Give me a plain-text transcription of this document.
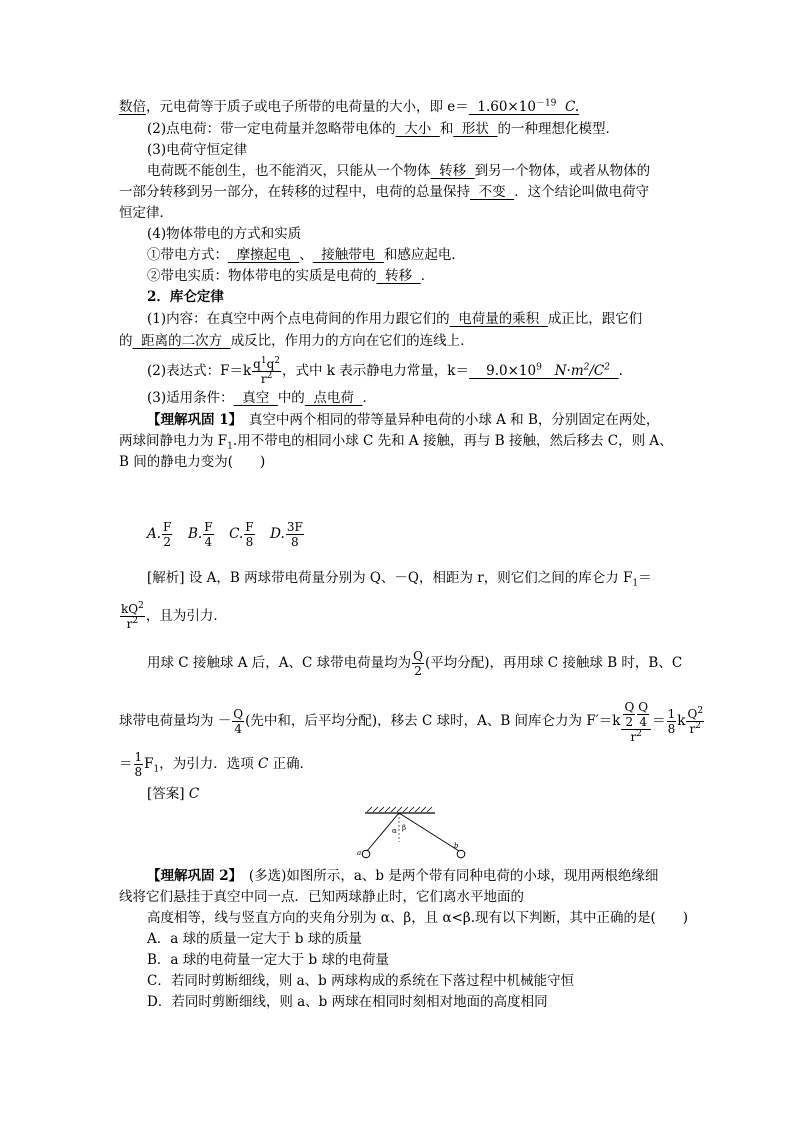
数倍，元电荷等于质子或电子所带的电荷量的大小，即 $e= 1.60\times 10^{-19}$ C.
(2)点电荷：带一定电荷量并忽略带电体的 大小 和 形状 的一种理想化模型．
(3)电荷守恒定律
电荷既不能创生，也不能消灭，只能从一个物体 转移 到另一个物体，或者从物体的
一部分转移到另一部分，在转移的过程中，电荷的总量保持 不变 ．这个结论叫做电荷守
恒定律．
(4)物体带电的方式和实质
①带电方式： 摩擦起电 、 接触带电 和感应起电．
②带电实质：物体带电的实质是电荷的 转移 ．
2．库仑定律
(1)内容：在真空中两个点电荷间的作用力跟它们的 电荷量的乘积 成正比，跟它们
的 距离的二次方 成反比，作用力的方向在它们的连线上．
(2)表达式：$F=k \frac{q^1q^2}{r^2}$ ，式中 k 表示静电力常量，$k= 9.0\times 10^9$ $N\cdot m^2/C^2$ .
(3)适用条件： 真空 中的 点电荷 ．
【理解巩固 1】　真空中两个相同的带等量异种电荷的小球 A 和 B，分别固定在两处，
两球间静电力为 $F_1$.用不带电的相同小球 C 先和 A 接触，再与 B 接触，然后移去 C，则 A、
B 间的静电力变为(　　)
A. $\frac{F}{2} B$. $\frac{F}{4} C$. $\frac{F}{8} D$. $\frac{3F}{8}$
[解析] 设 A，B 两球带电荷量分别为 Q、－Q，相距为 r，则它们之间的库仑力 $F_1=$
$\frac{kQ^2}{r^2}$ ，且为引力．
用球 C 接触球 A 后，A、C 球带电荷量均为 $\frac{Q}{2}$ (平均分配)，再用球 C 接触球 B 时，B、C
球带电荷量均为 － $\frac{Q}{4}$ (先中和，后平均分配)，移去 C 球时，A、B 间库仑力为 $F'=k \frac{\frac{Q}{2} \frac{Q}{4}}{r^2} = \frac{1}{8}$ k $\frac{Q^2}{r^2}$
＝ $\frac{1}{8} F_1$，为引力．选项 C 正确．
[答案] C
α β
a
b
【理解巩固 2】　(多选)如图所示，a、b 是两个带有同种电荷的小球，现用两根绝缘细
线将它们悬挂于真空中同一点．已知两球静止时，它们离水平地面的
高度相等，线与竖直方向的夹角分别为 α、β，且 α<β.现有以下判断，其中正确的是(　　)
A．a 球的质量一定大于 b 球的质量
B．a 球的电荷量一定大于 b 球的电荷量
C．若同时剪断细线，则 a、b 两球构成的系统在下落过程中机械能守恒
D．若同时剪断细线，则 a、b 两球在相同时刻相对地面的高度相同
